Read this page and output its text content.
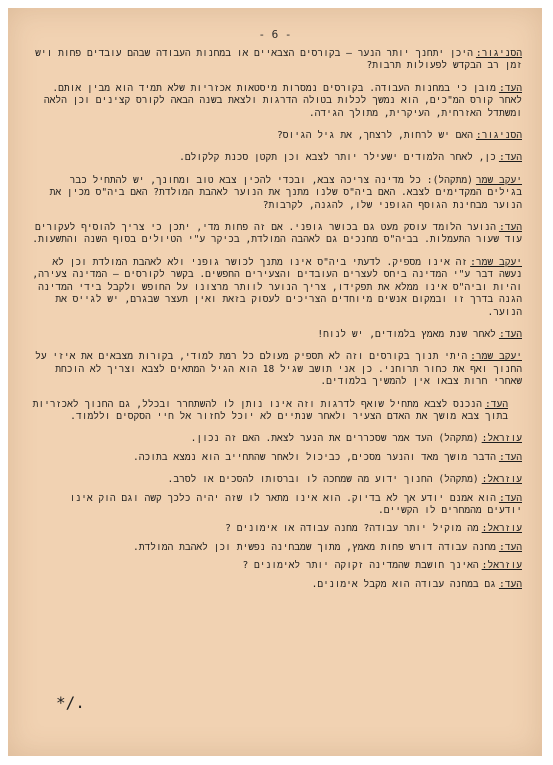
- 6 -
הסניגור:היכן יתחנך יותר הנער – בקורסים הצבאיים או במחנות העבודה שבהם עובדים פחות ויש זמן רב הבקדש לפעולות תרבות?
העד:מובן כי במחנות העבודה. בקורסים נמסרות מיסטאות אכזריות שלא תמיד הוא מבין אותם. לאחר קורס המ"כים, הוא נמשך לכלות בטולה הדרגות ולצאת בשנה הבאה לקורס קצינים וכן הלאה ומשתדל האזרחית, העיקרית, מתולך הגידה.
הסניגור:האם יש לרחות, לרצחך, את גיל הגיוס?
העד:כן, לאחר הלמודים ישעילר יותר לצבא וכן תקטן סכנת קלקולם.
יעקב שמר(מתקהל): כל מדינה צריכה צבא, ובכדי להכין צבא טוב ומחונך, יש להתחיל כבר בגילים המקדימים לצבא. האם ביה"ס שלנו מתנך את הנוער לאהבת המולדת? האם ביה"ס מכין את הנוער מבחינת הגוסף הגופני שלו, להגנה, לקרבות?
העד:הנוער הלומד עוסק מעט גם בכושר גופני. אם זה פחות מדי, יתכן כי צריך להוסיף לעקורים עוד שעור התעמלות. בביה"ס מחנכים גם לאהבה המולדת, בכיקר ע"י הטיולים בסוף השנה והתשעות.
יעקב שמר:זה אינו מספיק. לדעתי ביה"ס אינו מתנך לכושר גופני ולא לאהבת המולדת וכן לא נעשה דבר ע"י המדינה ביחס לעצרים העובדים והצעירים החפשים. בקשר לקורסים – המדינה צעירה, והיות וביה"ס אינו ממלא את תפקידו, צריך הנוער לוותר מרצונו על החופש ולקבל בידי המדינה הגנה בדרך זו ובמקום אנשים מיוחדים הצריכים לעסוק בזאת ואין תעצר שבגרם, יש לגייס את הנוער.
העד:לאחר שנת מאמץ בלמודים, יש לנוח!
יעקב שמר:היתי תנוך בקורסים וזה לא תספיק מעולם כל רמת למודי, בקורות מצבאים את איזי על החנוך ואף את כחור תרוחני. כן אני תושב שגיל 18 הוא הגיל המתאים לצבא וצריך לא הוכחת שאחרי חרות צבאו אין להמשיך בלמודים.
העד:הנכנס לצבא מתחיל שואף לדרגות וזה אינו נותן לו להשתחרר ובכלל, גם החנוך לאכזריות בתוך צבא מושך את האדם הצעיר ולאחר שנתיים לא יוכל לחזור אל חיי הסקסים וללמוד.
עוזראל:(מתקהל) העד אמר שסכררים את הנער לצאת. האם זה נכון.
העד:הדבר מושך מאד והנער מסכים, כביכול ולאחר שהתחייב הוא נמצא בתוכה.
עוזראל:(מתקהל) החנוך ידוע מה שמחכה לו וברסותו להסכים או לסרב.
העד:הוא אמנם יודע אך לא בדיוק. הוא אינו מתאר לו שזה יהיה כלכך קשה וגם הוק אינו יודעים מהמחרים לו הקשיים.
עוזראל:מה מוקיל יותר עבודה? מחנה עבודה או אימונים ?
העד:מחנה עבודה דורש פחות מאמץ, מתוך שמבחינה נפשית וכן לאהבת המולדת.
עוזראל:האינך חושבת שהמדינה זקוקה יותר לאימונים ?
העד:גם במחנה עבודה הוא מקבל אימונים.
*/.
